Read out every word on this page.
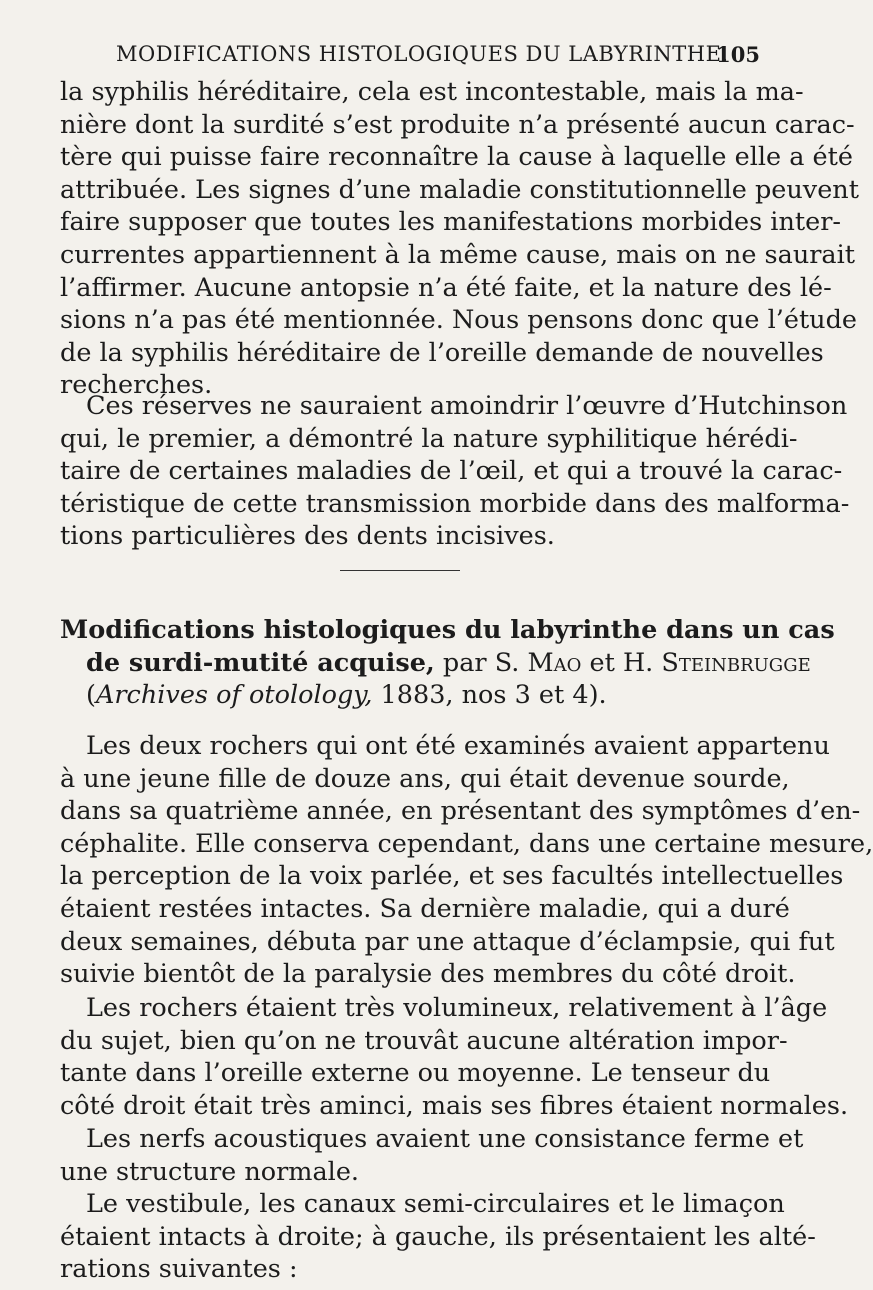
MODIFICATIONS HISTOLOGIQUES DU LABYRINTHE.
105
la syphilis héréditaire, cela est incontestable, mais la ma-
nière dont la surdité s’est produite n’a présenté aucun carac-
tère qui puisse faire reconnaître la cause à laquelle elle a été
attribuée. Les signes d’une maladie constitutionnelle peuvent
faire supposer que toutes les manifestations morbides inter-
currentes appartiennent à la même cause, mais on ne saurait
l’affirmer. Aucune antopsie n’a été faite, et la nature des lé-
sions n’a pas été mentionnée. Nous pensons donc que l’étude
de la syphilis héréditaire de l’oreille demande de nouvelles
recherches.
Ces réserves ne sauraient amoindrir l’œuvre d’Hutchinson
qui, le premier, a démontré la nature syphilitique hérédi-
taire de certaines maladies de l’œil, et qui a trouvé la carac-
téristique de cette transmission morbide dans des malforma-
tions particulières des dents incisives.
Modifications histologiques du labyrinthe dans un cas
de surdi-mutité acquise, par S. Mao et H. Steinbrugge
(Archives of otolology, 1883, nos 3 et 4).
Les deux rochers qui ont été examinés avaient appartenu
à une jeune fille de douze ans, qui était devenue sourde,
dans sa quatrième année, en présentant des symptômes d’en-
céphalite. Elle conserva cependant, dans une certaine mesure,
la perception de la voix parlée, et ses facultés intellectuelles
étaient restées intactes. Sa dernière maladie, qui a duré
deux semaines, débuta par une attaque d’éclampsie, qui fut
suivie bientôt de la paralysie des membres du côté droit.
Les rochers étaient très volumineux, relativement à l’âge
du sujet, bien qu’on ne trouvât aucune altération impor-
tante dans l’oreille externe ou moyenne. Le tenseur du
côté droit était très aminci, mais ses fibres étaient normales.
Les nerfs acoustiques avaient une consistance ferme et
une structure normale.
Le vestibule, les canaux semi-circulaires et le limaçon
étaient intacts à droite; à gauche, ils présentaient les alté-
rations suivantes :
